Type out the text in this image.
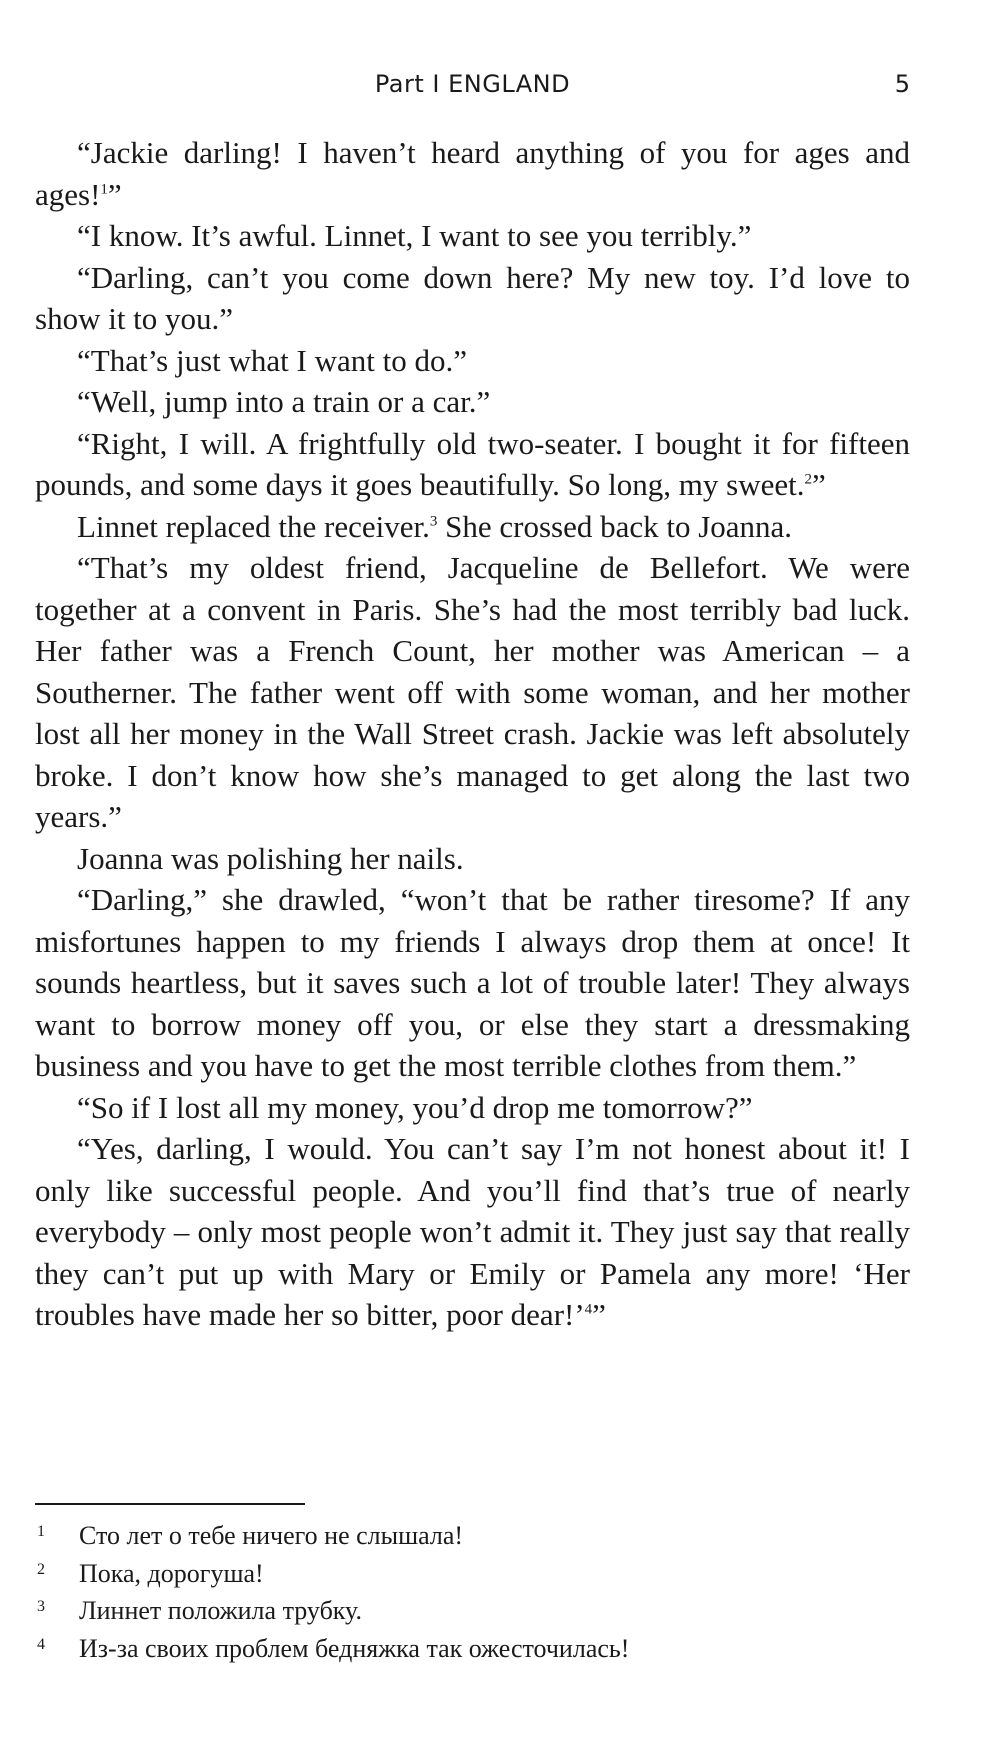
Part I ENGLAND	5

“Jackie darling! I haven’t heard anything of you for ages and ages!$^1$”

“I know. It’s awful. Linnet, I want to see you terribly.”

“Darling, can’t you come down here? My new toy. I’d love to show it to you.”

“That’s just what I want to do.”

“Well, jump into a train or a car.”

“Right, I will. A frightfully old two-seater. I bought it for fifteen pounds, and some days it goes beautifully. So long, my sweet.$^2$”

Linnet replaced the receiver.$^3$ She crossed back to Joanna.

“That’s my oldest friend, Jacqueline de Bellefort. We were together at a convent in Paris. She’s had the most terribly bad luck. Her father was a French Count, her mother was American – a Southerner. The father went off with some woman, and her mother lost all her money in the Wall Street crash. Jackie was left absolutely broke. I don’t know how she’s managed to get along the last two years.”

Joanna was polishing her nails.

“Darling,” she drawled, “won’t that be rather tiresome? If any misfortunes happen to my friends I always drop them at once! It sounds heartless, but it saves such a lot of trouble later! They always want to borrow money off you, or else they start a dressmaking business and you have to get the most terrible clothes from them.”

“So if I lost all my money, you’d drop me tomorrow?”

“Yes, darling, I would. You can’t say I’m not honest about it! I only like successful people. And you’ll find that’s true of nearly everybody – only most people won’t admit it. They just say that really they can’t put up with Mary or Emily or Pamela any more! ‘Her troubles have made her so bitter, poor dear!’$^4$”

1 Сто лет о тебе ничего не слышала!
2 Пока, дорогуша!
3 Линнет положила трубку.
4 Из-за своих проблем бедняжка так ожесточилась!
